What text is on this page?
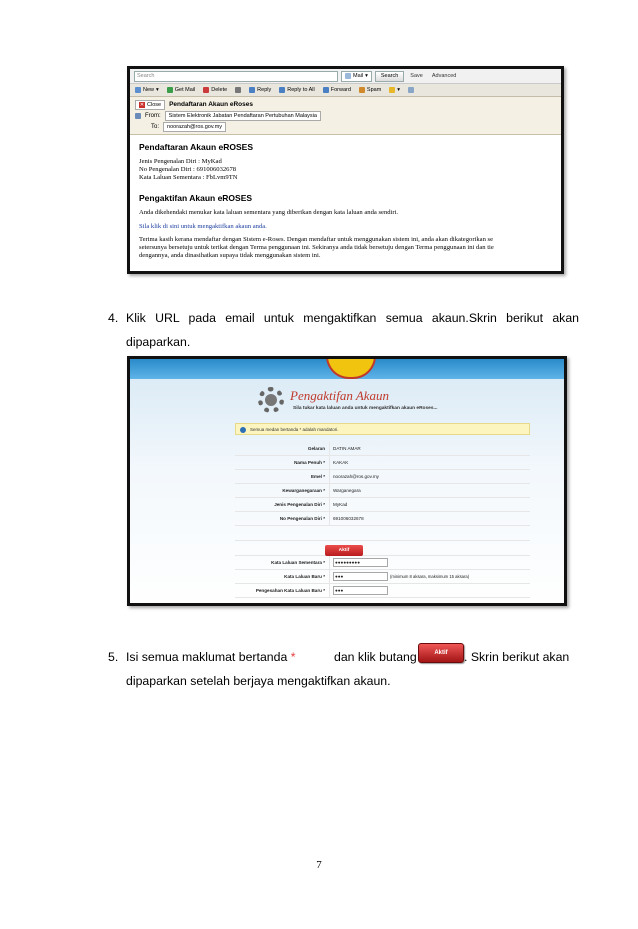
Search	Mail ▾	Search	Save	Advanced
New ▾	Get Mail	Delete	Reply	Reply to All	Forward	Spam	▾
✕ Close Pendaftaran Akaun eRoses
From:	Sistem Elektronik Jabatan Pendaftaran Pertubuhan Malaysia
To:	noorazah@ros.gov.my
Pendaftaran Akaun eROSES

Jenis Pengenalan Diri : MyKad

No Pengenalan Diri : 691006032678

Kata Laluan Sementara : FbLvm9TN

Pengaktifan Akaun eROSES

Anda dikehendaki menukar kata laluan sementara yang diberikan dengan kata laluan anda sendiri.

Sila klik di sini untuk mengaktifkan akaun anda.

Terima kasih kerana mendaftar dengan Sistem e-Roses. Dengan mendaftar untuk menggunakan sistem ini, anda akan dikategorikan se

setersunya bersetuju untuk terikat dengan Terma penggunaan ini. Sekiranya anda tidak bersetuju dengan Terma penggunaan ini dan tie

dengannya, anda dinasihatkan supaya tidak menggunakan sistem ini.

4. Klik URL pada email untuk mengaktifkan semua akaun.Skrin berikut akan
dipaparkan.
Pengaktifan Akaun
Sila tukar kata laluan anda untuk mengaktifkan akaun eRoses...
Semua medan bertanda * adalah mandatori.
Gelaran	DATIN AMAR
Nama Penuh *	KAKAK
Emel *	noorazah@ros.gov.my
Kewarganegaraan *	Warganegara
Jenis Pengenalan Diri *	MyKad
No Pengenalan Diri *	691006032678
Kata Laluan Sementara *	●●●●●●●●●
Kata Laluan Baru *	●●●	(minimum 8 aksara, maksimum 15 aksara)
Pengesahan Kata Laluan Baru *	●●●
Aktif
5. Isi semua maklumat bertanda *	dan klik butang	Aktif	. Skrin berikut akan
dipaparkan setelah berjaya mengaktifkan akaun.
7
